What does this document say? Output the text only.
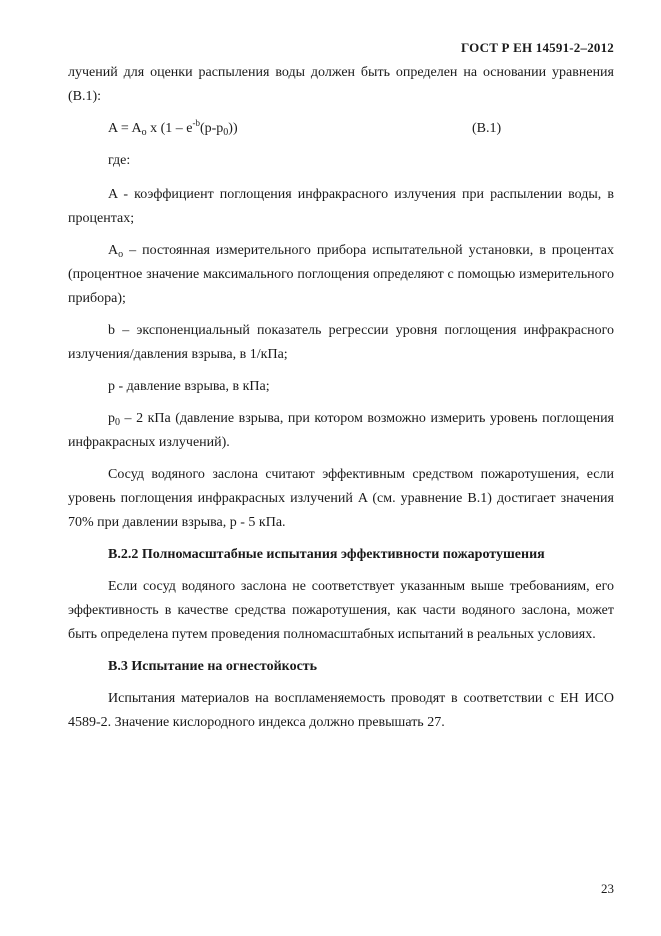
ГОСТ Р ЕН 14591-2–2012

лучений для оценки распыления воды должен быть определен на основании уравнения (В.1):

$A = A_o$ x $(1 - e^{-b}(p-p_0))$	(В.1)
где:

A - коэффициент поглощения инфракрасного излучения при распылении воды, в процентах;

$A_o$ – постоянная измерительного прибора испытательной установки, в процентах (процентное значение максимального поглощения определяют с помощью измерительного прибора);

b – экспоненциальный показатель регрессии уровня поглощения инфракрасного излучения/давления взрыва, в 1/кПа;

p - давление взрыва, в кПа;

$p_0 - 2$ кПа (давление взрыва, при котором возможно измерить уровень поглощения инфракрасных излучений).

Сосуд водяного заслона считают эффективным средством пожаротушения, если уровень поглощения инфракрасных излучений A (см. уравнение В.1) достигает значения 70% при давлении взрыва, p - 5 кПа.

В.2.2 Полномасштабные испытания эффективности пожаротушения

Если сосуд водяного заслона не соответствует указанным выше требованиям, его эффективность в качестве средства пожаротушения, как части водяного заслона, может быть определена путем проведения полномасштабных испытаний в реальных условиях.

В.3 Испытание на огнестойкость

Испытания материалов на воспламеняемость проводят в соответствии с ЕН ИСО 4589-2. Значение кислородного индекса должно превышать 27.

23
